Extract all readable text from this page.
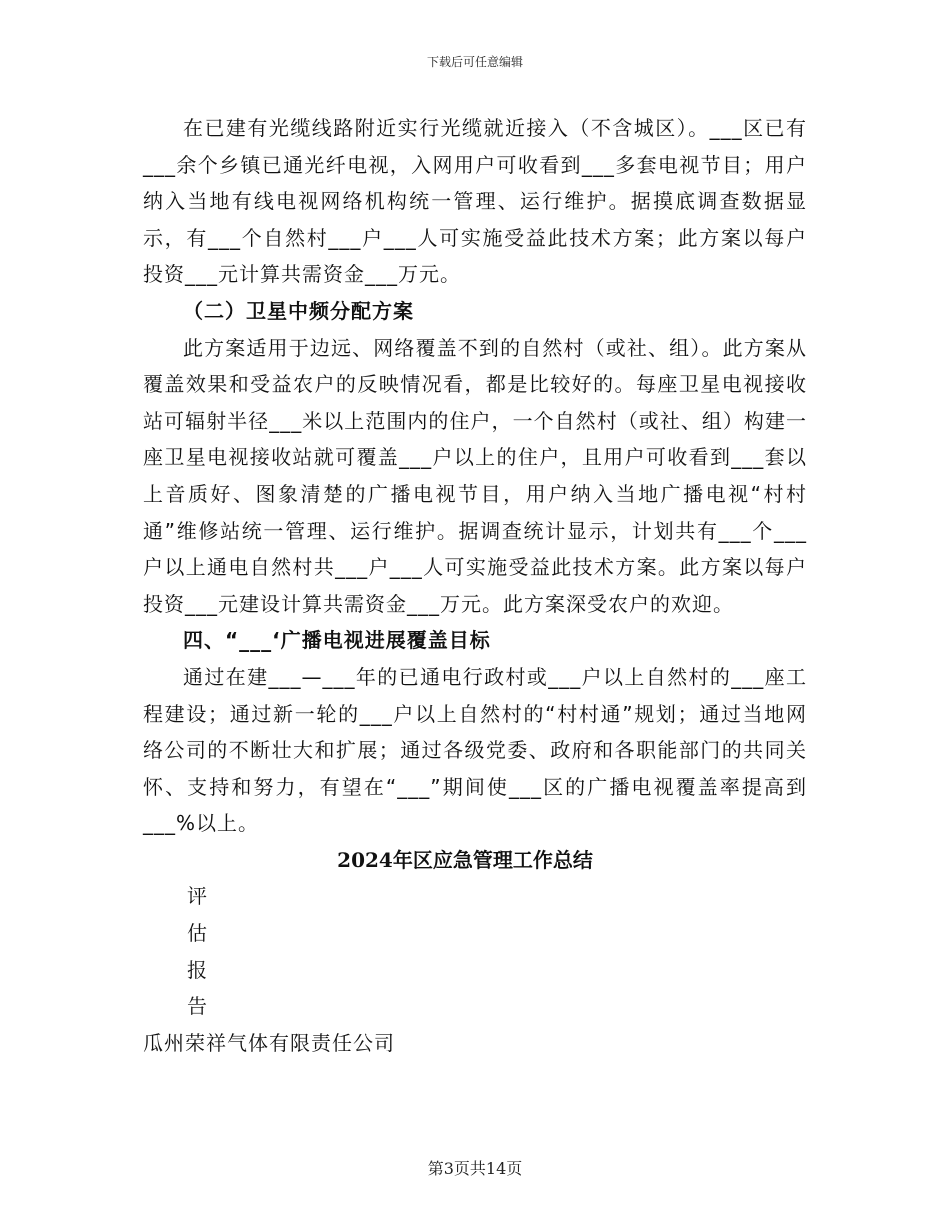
下载后可任意编辑

在已建有光缆线路附近实行光缆就近接入（不含城区）。___区已有___余个乡镇已通光纤电视，入网用户可收看到___多套电视节目；用户纳入当地有线电视网络机构统一管理、运行维护。据摸底调查数据显示，有___个自然村___户___人可实施受益此技术方案；此方案以每户投资___元计算共需资金___万元。

（二）卫星中频分配方案

此方案适用于边远、网络覆盖不到的自然村（或社、组）。此方案从覆盖效果和受益农户的反映情况看，都是比较好的。每座卫星电视接收站可辐射半径___米以上范围内的住户，一个自然村（或社、组）构建一座卫星电视接收站就可覆盖___户以上的住户，且用户可收看到___套以上音质好、图象清楚的广播电视节目，用户纳入当地广播电视“村村通”维修站统一管理、运行维护。据调查统计显示，计划共有___个___户以上通电自然村共___户___人可实施受益此技术方案。此方案以每户投资___元建设计算共需资金___万元。此方案深受农户的欢迎。

四、“___‘广播电视进展覆盖目标

通过在建___—___年的已通电行政村或___户以上自然村的___座工程建设；通过新一轮的___户以上自然村的“村村通”规划；通过当地网络公司的不断壮大和扩展；通过各级党委、政府和各职能部门的共同关怀、支持和努力，有望在“___”期间使___区的广播电视覆盖率提高到___%以上。

2024年区应急管理工作总结

评

估

报

告

瓜州荣祥气体有限责任公司

第3页共14页
